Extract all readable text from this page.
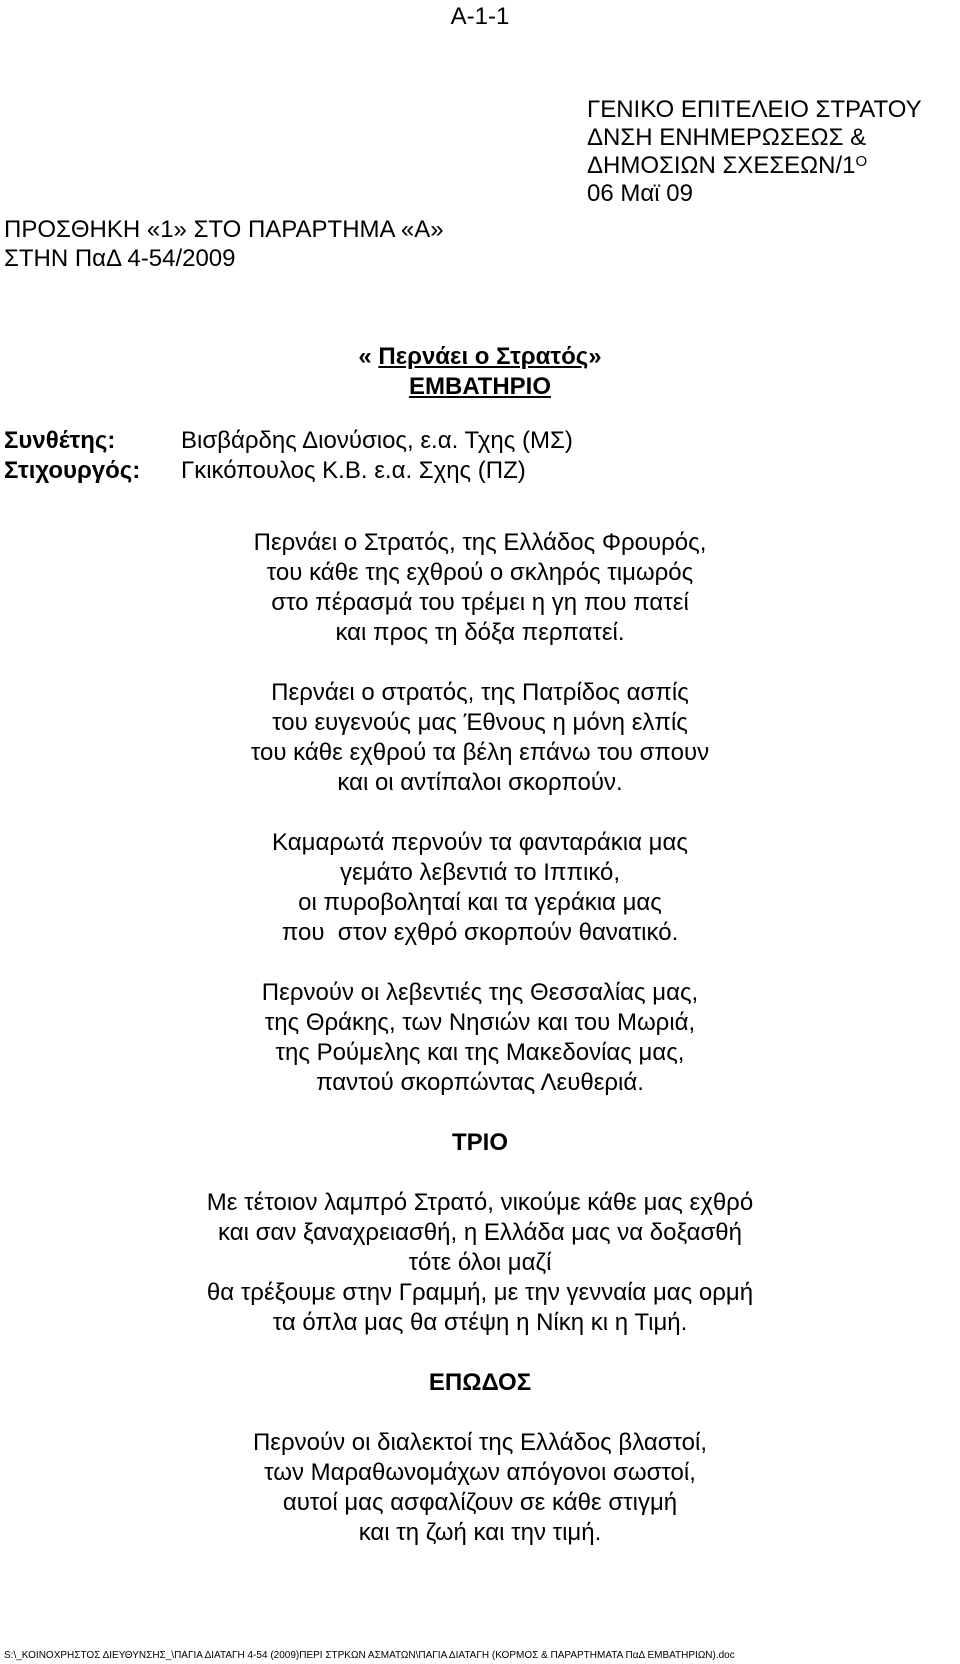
A-1-1
ΓΕΝΙΚΟ ΕΠΙΤΕΛΕΙΟ ΣΤΡΑΤΟΥ
ΔΝΣΗ ΕΝΗΜΕΡΩΣΕΩΣ &
ΔΗΜΟΣΙΩΝ ΣΧΕΣΕΩΝ/$1^O$
06 Μαϊ 09
ΠΡΟΣΘΗΚΗ «1» ΣΤΟ ΠΑΡΑΡΤΗΜΑ «Α»
ΣΤΗΝ ΠαΔ 4-54/2009
« Περνάει ο Στρατός»
ΕΜΒΑΤΗΡΙΟ
Συνθέτης:	Βισβάρδης Διονύσιος, ε.α. Τχης (ΜΣ)
Στιχουργός: Γκικόπουλος Κ.Β. ε.α. Σχης (ΠΖ)
Περνάει ο Στρατός, της Ελλάδος Φρουρός,
του κάθε της εχθρού ο σκληρός τιμωρός
στο πέρασμά του τρέμει η γη που πατεί
και προς τη δόξα περπατεί.
Περνάει ο στρατός, της Πατρίδος ασπίς
του ευγενούς μας Έθνους η μόνη ελπίς
του κάθε εχθρού τα βέλη επάνω του σπουν
και οι αντίπαλοι σκορπούν.
Καμαρωτά περνούν τα φανταράκια μας
γεμάτο λεβεντιά το Ιππικό,
οι πυροβοληταί και τα γεράκια μας
που  στον εχθρό σκορπούν θανατικό.
Περνούν οι λεβεντιές της Θεσσαλίας μας,
της Θράκης, των Νησιών και του Μωριά,
της Ρούμελης και της Μακεδονίας μας,
παντού σκορπώντας Λευθεριά.
ΤΡΙΟ
Με τέτοιον λαμπρό Στρατό, νικούμε κάθε μας εχθρό
και σαν ξαναχρειασθή, η Ελλάδα μας να δοξασθή
τότε όλοι μαζί
θα τρέξουμε στην Γραμμή, με την γενναία μας ορμή
τα όπλα μας θα στέψη η Νίκη κι η Τιμή.
ΕΠΩΔΟΣ
Περνούν οι διαλεκτοί της Ελλάδος βλαστοί,
των Μαραθωνομάχων απόγονοι σωστοί,
αυτοί μας ασφαλίζουν σε κάθε στιγμή
και τη ζωή και την τιμή.
S:\_ΚΟΙΝΟΧΡΗΣΤΟΣ ΔΙΕΥΘΥΝΣΗΣ_\ΠΑΓΙΑ ΔΙΑΤΑΓΗ 4-54 (2009)ΠΕΡΙ ΣΤΡΚΩΝ ΑΣΜΑΤΩΝ\ΠΑΓΙΑ ΔΙΑΤΑΓΗ (ΚΟΡΜΟΣ & ΠΑΡΑΡΤΗΜΑΤΑ ΠαΔ ΕΜΒΑΤΗΡΙΩΝ).doc
